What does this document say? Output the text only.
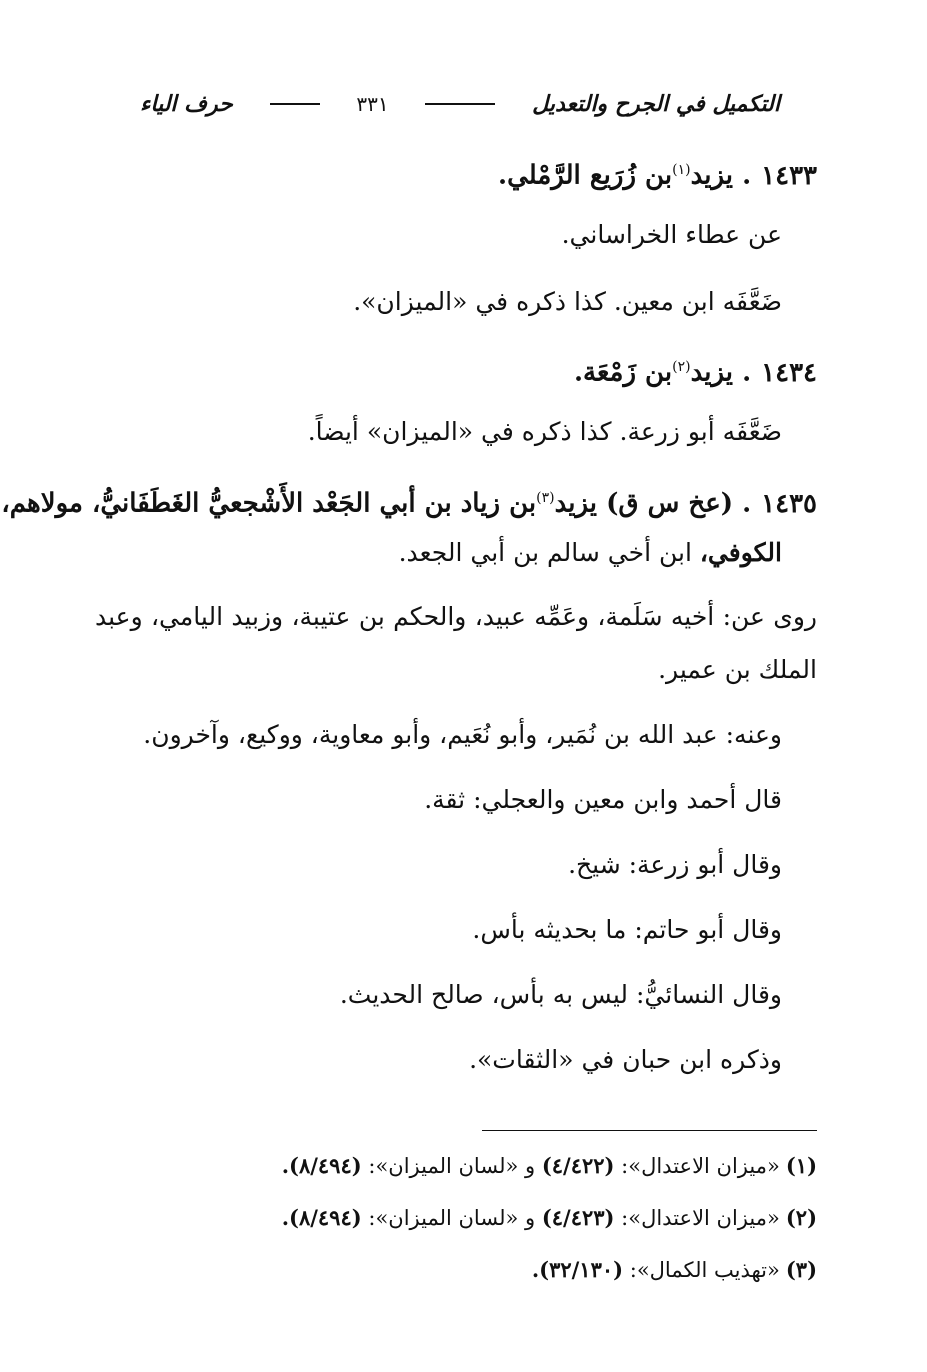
التكميل في الجرح والتعديل
٣٣١
حرف الياء
١٤٣٣. يزيد$^{(١)}$بن زُرَيع الرَّمْلي.
عن عطاء الخراساني.
ضَعَّفَه ابن معين. كذا ذكره في «الميزان».
١٤٣٤. يزيد$^{(٢)}$بن زَمْعَة.
ضَعَّفَه أبو زرعة. كذا ذكره في «الميزان» أيضاً.
١٤٣٥. (عخ س ق) يزيد$^{(٣)}$بن زياد بن أبي الجَعْد الأَشْجعيُّ الغَطَفَانيُّ، مولاهم،
الكوفي، ابن أخي سالم بن أبي الجعد.
روى عن: أخيه سَلَمة، وعَمِّه عبيد، والحكم بن عتيبة، وزبيد اليامي، وعبد
الملك بن عمير.
وعنه: عبد الله بن نُمَير، وأبو نُعَيم، وأبو معاوية، ووكيع، وآخرون.
قال أحمد وابن معين والعجلي: ثقة.
وقال أبو زرعة: شيخ.
وقال أبو حاتم: ما بحديثه بأس.
وقال النسائيُّ: ليس به بأس، صالح الحديث.
وذكره ابن حبان في «الثقات».
(١)«ميزان الاعتدال»: (٤/٤٢٢) و «لسان الميزان»: (٨/٤٩٤).
(٢)«ميزان الاعتدال»: (٤/٤٢٣) و «لسان الميزان»: (٨/٤٩٤).
(٣)«تهذيب الكمال»: (٣٢/١٣٠).
